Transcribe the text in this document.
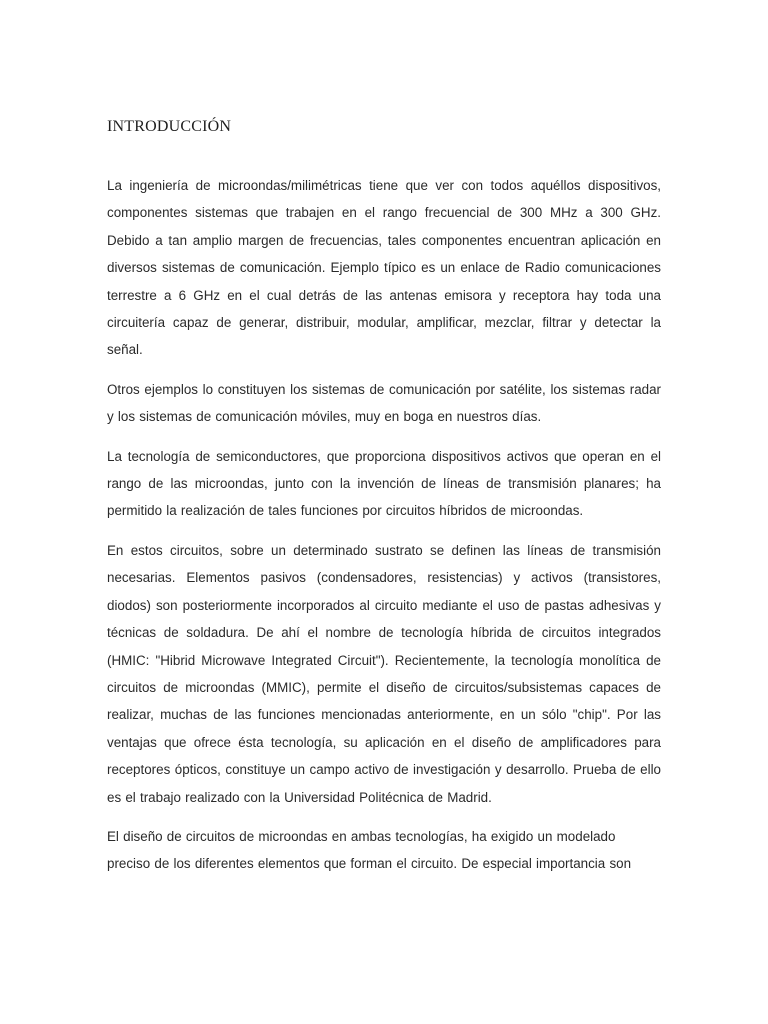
INTRODUCCIÓN

La ingeniería de microondas/milimétricas tiene que ver con todos aquéllos dispositivos, componentes sistemas que trabajen en el rango frecuencial de 300 MHz a 300 GHz. Debido a tan amplio margen de frecuencias, tales componentes encuentran aplicación en diversos sistemas de comunicación. Ejemplo típico es un enlace de Radio comunicaciones terrestre a 6 GHz en el cual detrás de las antenas emisora y receptora hay toda una circuitería capaz de generar, distribuir, modular, amplificar, mezclar, filtrar y detectar la señal.

Otros ejemplos lo constituyen los sistemas de comunicación por satélite, los sistemas radar y los sistemas de comunicación móviles, muy en boga en nuestros días.

La tecnología de semiconductores, que proporciona dispositivos activos que operan en el rango de las microondas, junto con la invención de líneas de transmisión planares; ha permitido la realización de tales funciones por circuitos híbridos de microondas.

En estos circuitos, sobre un determinado sustrato se definen las líneas de transmisión necesarias. Elementos pasivos (condensadores, resistencias) y activos (transistores, diodos) son posteriormente incorporados al circuito mediante el uso de pastas adhesivas y técnicas de soldadura. De ahí el nombre de tecnología híbrida de circuitos integrados (HMIC: "Hibrid Microwave Integrated Circuit"). Recientemente, la tecnología monolítica de circuitos de microondas (MMIC), permite el diseño de circuitos/subsistemas capaces de realizar, muchas de las funciones mencionadas anteriormente, en un sólo "chip". Por las ventajas que ofrece ésta tecnología, su aplicación en el diseño de amplificadores para receptores ópticos, constituye un campo activo de investigación y desarrollo. Prueba de ello es el trabajo realizado con la Universidad Politécnica de Madrid.

El diseño de circuitos de microondas en ambas tecnologías, ha exigido un modelado preciso de los diferentes elementos que forman el circuito. De especial importancia son
